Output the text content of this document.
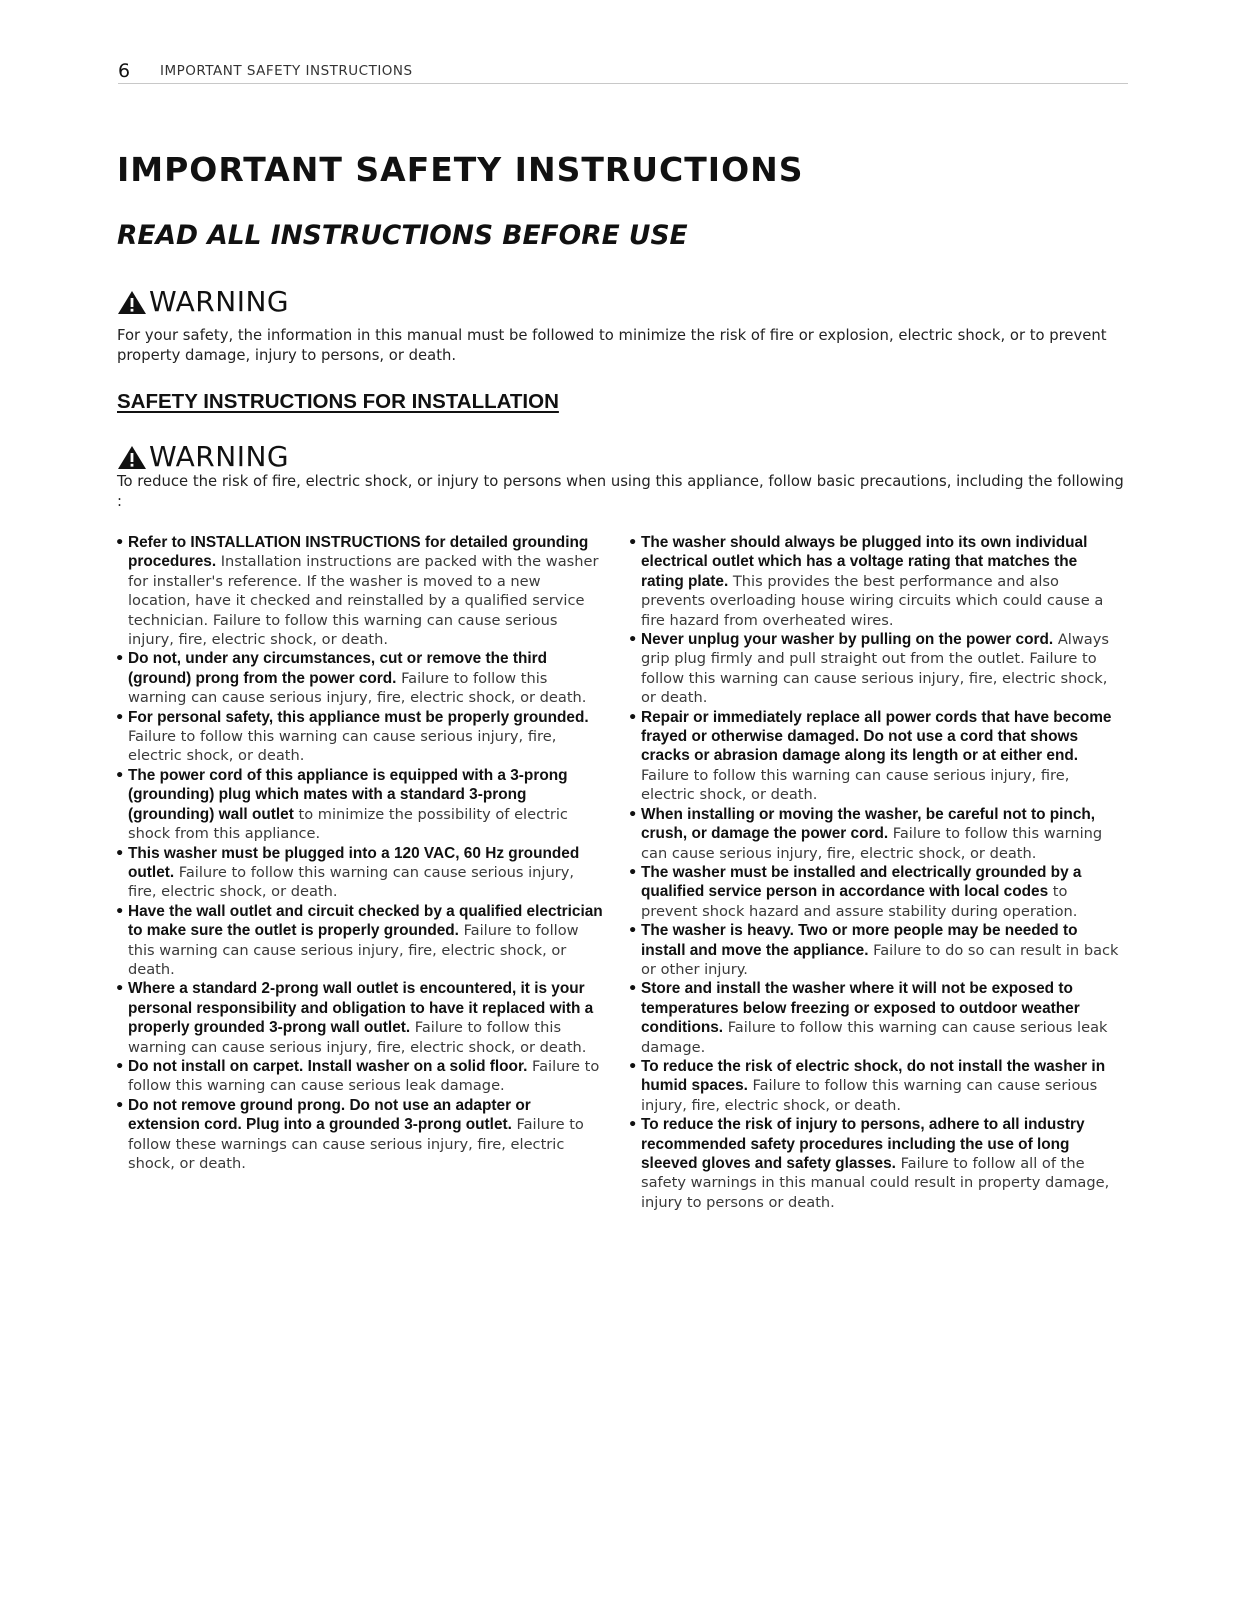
6 IMPORTANT SAFETY INSTRUCTIONS
IMPORTANT SAFETY INSTRUCTIONS
READ ALL INSTRUCTIONS BEFORE USE
WARNING

For your safety, the information in this manual must be followed to minimize the risk of fire or explosion, electric shock, or to prevent property damage, injury to persons, or death.

SAFETY INSTRUCTIONS FOR INSTALLATION
WARNING

To reduce the risk of fire, electric shock, or injury to persons when using this appliance, follow basic precautions, including the following :

• Refer to INSTALLATION INSTRUCTIONS for detailed grounding procedures. Installation instructions are packed with the washer for installer's reference. If the washer is moved to a new location, have it checked and reinstalled by a qualified service technician. Failure to follow this warning can cause serious injury, fire, electric shock, or death.
• Do not, under any circumstances, cut or remove the third (ground) prong from the power cord. Failure to follow this warning can cause serious injury, fire, electric shock, or death.
• For personal safety, this appliance must be properly grounded. Failure to follow this warning can cause serious injury, fire, electric shock, or death.
• The power cord of this appliance is equipped with a 3-prong (grounding) plug which mates with a standard 3-prong (grounding) wall outlet to minimize the possibility of electric shock from this appliance.
• This washer must be plugged into a 120 VAC, 60 Hz grounded outlet. Failure to follow this warning can cause serious injury, fire, electric shock, or death.
• Have the wall outlet and circuit checked by a qualified electrician to make sure the outlet is properly grounded. Failure to follow this warning can cause serious injury, fire, electric shock, or death.
• Where a standard 2-prong wall outlet is encountered, it is your personal responsibility and obligation to have it replaced with a properly grounded 3-prong wall outlet. Failure to follow this warning can cause serious injury, fire, electric shock, or death.
• Do not install on carpet. Install washer on a solid floor. Failure to follow this warning can cause serious leak damage.
• Do not remove ground prong. Do not use an adapter or extension cord. Plug into a grounded 3-prong outlet. Failure to follow these warnings can cause serious injury, fire, electric shock, or death.
• The washer should always be plugged into its own individual electrical outlet which has a voltage rating that matches the rating plate. This provides the best performance and also prevents overloading house wiring circuits which could cause a fire hazard from overheated wires.
• Never unplug your washer by pulling on the power cord. Always grip plug firmly and pull straight out from the outlet. Failure to follow this warning can cause serious injury, fire, electric shock, or death.
• Repair or immediately replace all power cords that have become frayed or otherwise damaged. Do not use a cord that shows cracks or abrasion damage along its length or at either end. Failure to follow this warning can cause serious injury, fire, electric shock, or death.
• When installing or moving the washer, be careful not to pinch, crush, or damage the power cord. Failure to follow this warning can cause serious injury, fire, electric shock, or death.
• The washer must be installed and electrically grounded by a qualified service person in accordance with local codes to prevent shock hazard and assure stability during operation.
• The washer is heavy. Two or more people may be needed to install and move the appliance. Failure to do so can result in back or other injury.
• Store and install the washer where it will not be exposed to temperatures below freezing or exposed to outdoor weather conditions. Failure to follow this warning can cause serious leak damage.
• To reduce the risk of electric shock, do not install the washer in humid spaces. Failure to follow this warning can cause serious injury, fire, electric shock, or death.
• To reduce the risk of injury to persons, adhere to all industry recommended safety procedures including the use of long sleeved gloves and safety glasses. Failure to follow all of the safety warnings in this manual could result in property damage, injury to persons or death.
